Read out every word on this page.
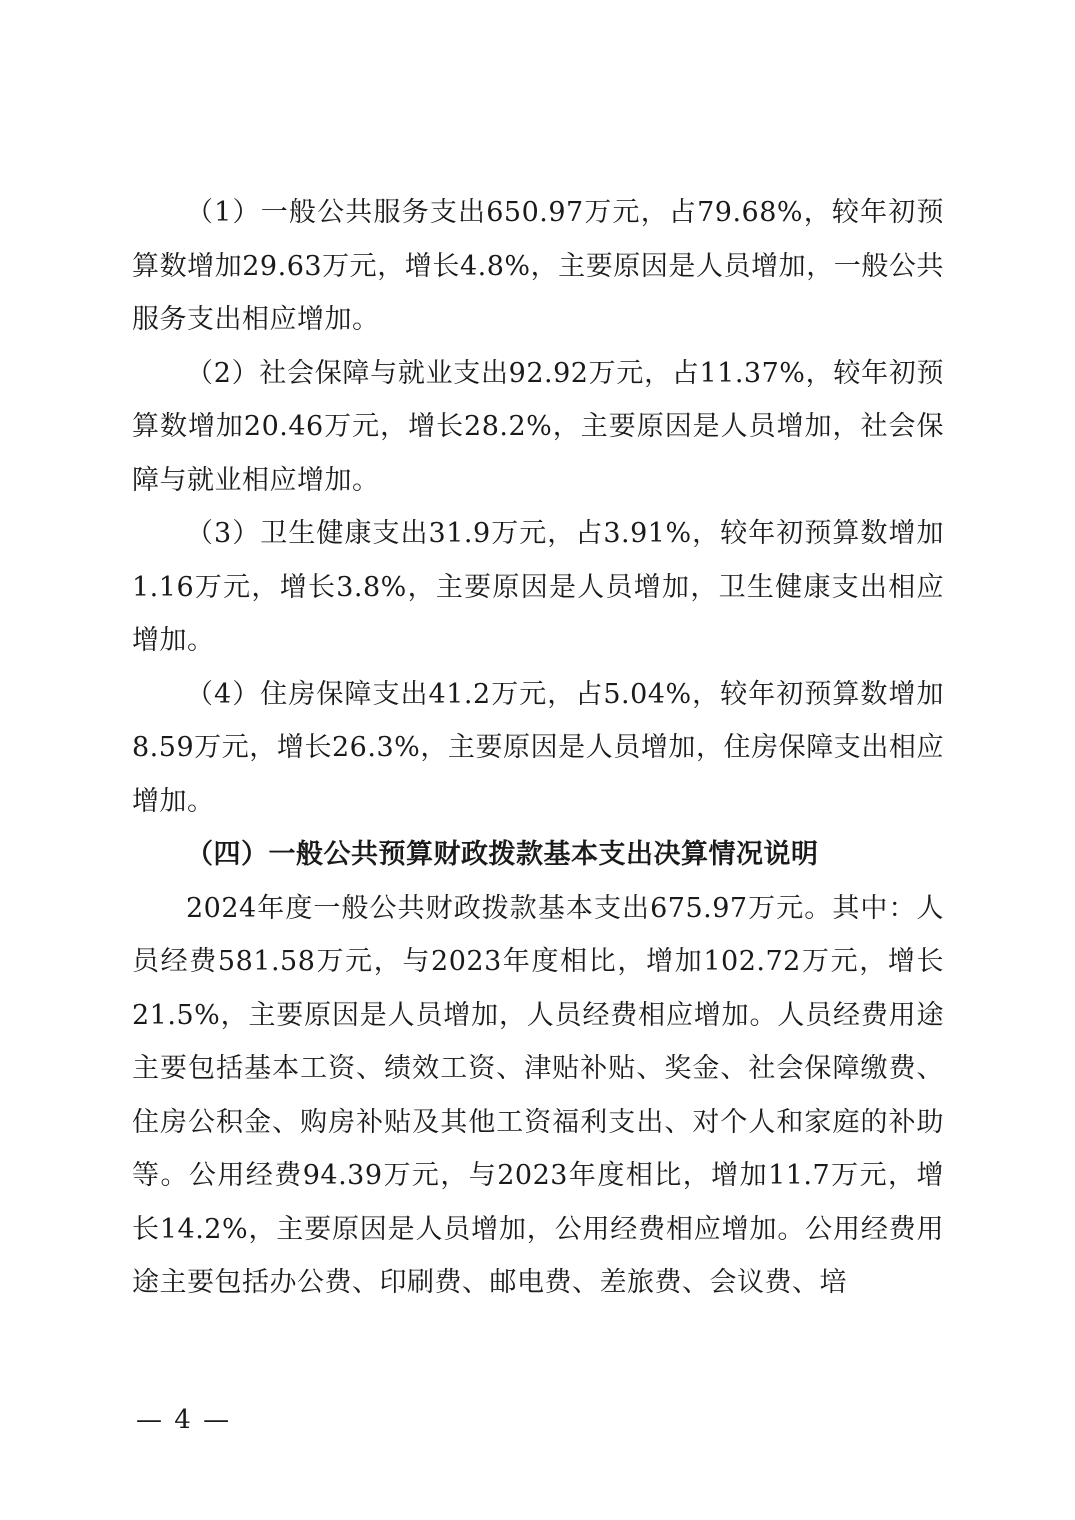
（1）一般公共服务支出650.97万元，占79.68%，较年初预算数增加29.63万元，增长4.8%，主要原因是人员增加，一般公共服务支出相应增加。

（2）社会保障与就业支出92.92万元，占11.37%，较年初预算数增加20.46万元，增长28.2%，主要原因是人员增加，社会保障与就业相应增加。

（3）卫生健康支出31.9万元，占3.91%，较年初预算数增加1.16万元，增长3.8%，主要原因是人员增加，卫生健康支出相应增加。

（4）住房保障支出41.2万元，占5.04%，较年初预算数增加8.59万元，增长26.3%，主要原因是人员增加，住房保障支出相应增加。

（四）一般公共预算财政拨款基本支出决算情况说明

2024年度一般公共财政拨款基本支出675.97万元。其中：人员经费581.58万元，与2023年度相比，增加102.72万元，增长21.5%，主要原因是人员增加，人员经费相应增加。人员经费用途主要包括基本工资、绩效工资、津贴补贴、奖金、社会保障缴费、住房公积金、购房补贴及其他工资福利支出、对个人和家庭的补助等。公用经费94.39万元，与2023年度相比，增加11.7万元，增长14.2%，主要原因是人员增加，公用经费相应增加。公用经费用途主要包括办公费、印刷费、邮电费、差旅费、会议费、培

— 4 —
